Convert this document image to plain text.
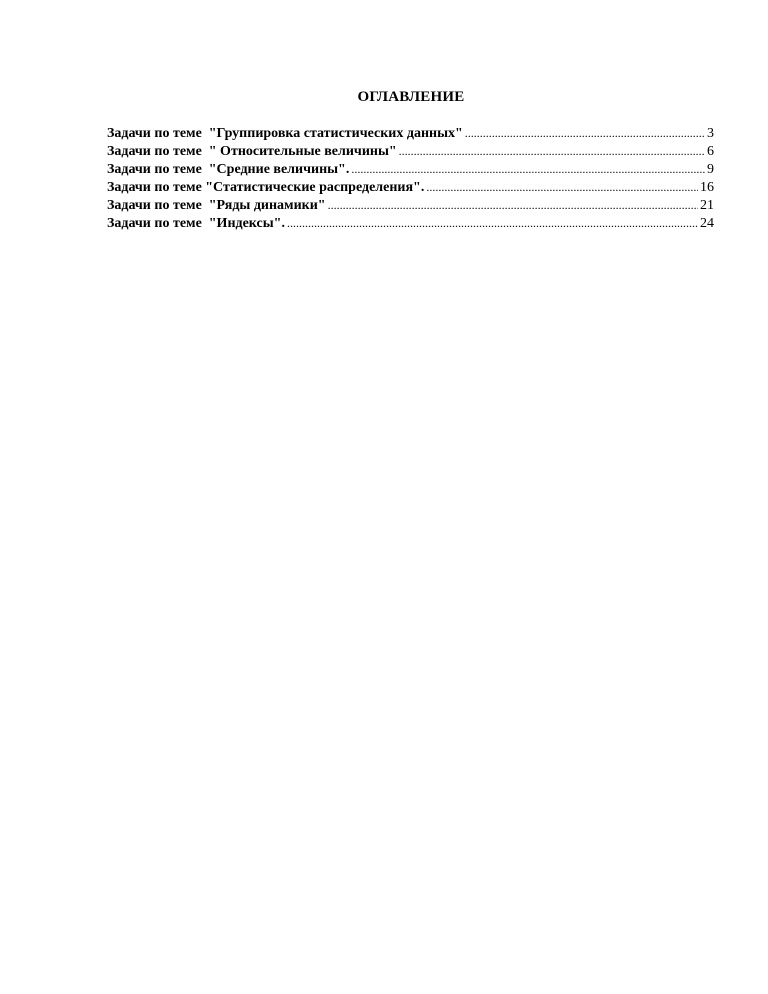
ОГЛАВЛЕНИЕ
Задачи по теме  "Группировка статистических данных" .....	3
Задачи по теме  " Относительные величины" .....	6
Задачи по теме  "Средние величины". .....	9
Задачи по теме "Статистические распределения". .....	16
Задачи по теме  "Ряды динамики" .....	21
Задачи по теме  "Индексы". .....	24
